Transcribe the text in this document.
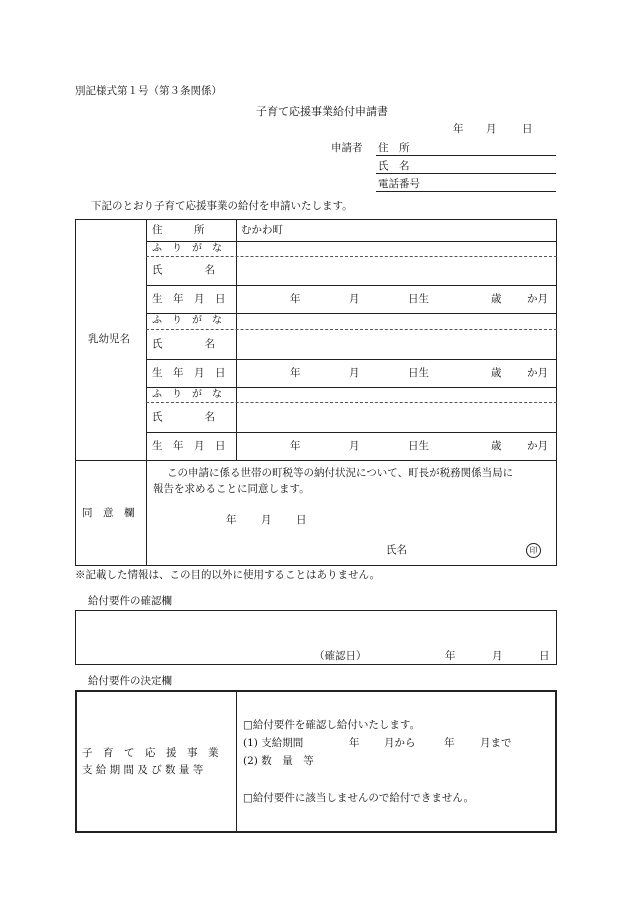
別記様式第１号（第３条関係）
子育て応援事業給付申請書
年 月 日
申請者 住　所
氏　名
電話番号
下記のとおり子育て応援事業の給付を申請いたします。
住　　　所	むかわ町
乳幼児名
ふ　り　が　な
氏　　　　名
生　年　月　日	年	月	日生	歳 か月
ふ　り　が　な
氏　　　　名
生　年　月　日	年	月	日生	歳 か月
ふ　り　が　な
氏　　　　名
生　年　月　日	年	月	日生	歳 か月
同　意　欄
この申請に係る世帯の町税等の納付状況について、町長が税務関係当局に
報告を求めることに同意します。
年 月 日
氏名	印
※記載した情報は、この目的以外に使用することはありません。
給付要件の確認欄
（確認日）	年	月	日
給付要件の決定欄
子　育　て　応　援　事　業
支 給 期 間 及 び 数 量 等
□給付要件を確認し給付いたします。
(1) 支給期間	年 月から	年 月まで
(2) 数　量　等
□給付要件に該当しませんので給付できません。
